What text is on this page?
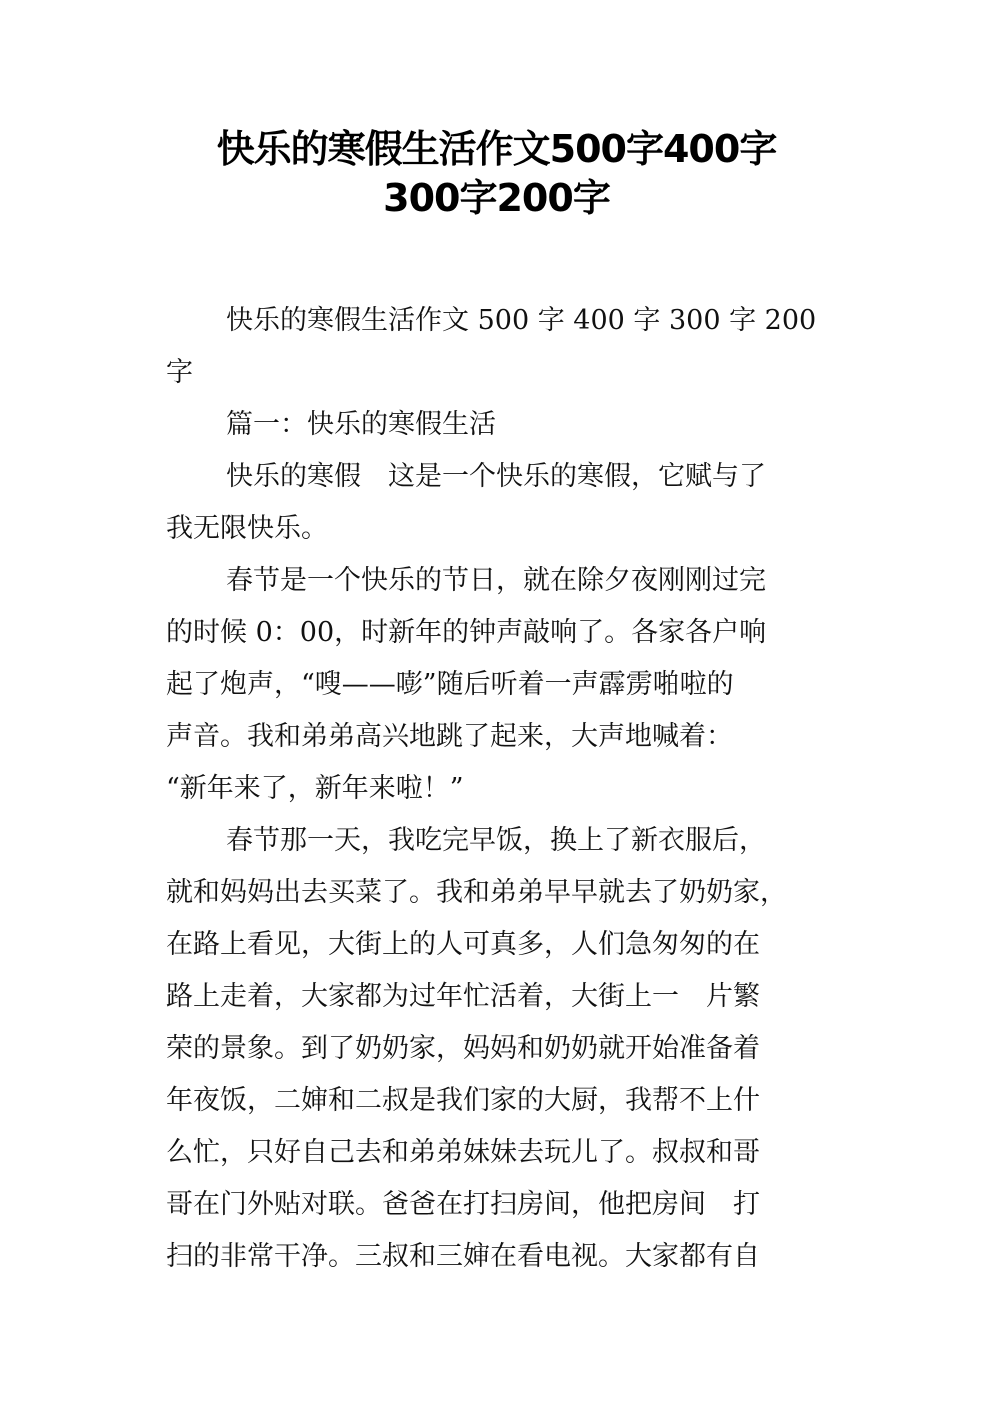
快乐的寒假生活作文500字400字
300字200字
快乐的寒假生活作文 500 字 400 字 300 字 200
字
篇一：快乐的寒假生活
快乐的寒假　这是一个快乐的寒假，它赋与了
我无限快乐。
春节是一个快乐的节日，就在除夕夜刚刚过完
的时候 0：00，时新年的钟声敲响了。各家各户响
起了炮声，“嗖——嘭”随后听着一声霹雳啪啦的
声音。我和弟弟高兴地跳了起来，大声地喊着：
“新年来了，新年来啦！”
春节那一天，我吃完早饭，换上了新衣服后，
就和妈妈出去买菜了。我和弟弟早早就去了奶奶家，
在路上看见，大街上的人可真多，人们急匆匆的在
路上走着，大家都为过年忙活着，大街上一　片繁
荣的景象。到了奶奶家，妈妈和奶奶就开始准备着
年夜饭，二婶和二叔是我们家的大厨，我帮不上什
么忙，只好自己去和弟弟妹妹去玩儿了。叔叔和哥
哥在门外贴对联。爸爸在打扫房间，他把房间　打
扫的非常干净。三叔和三婶在看电视。大家都有自
